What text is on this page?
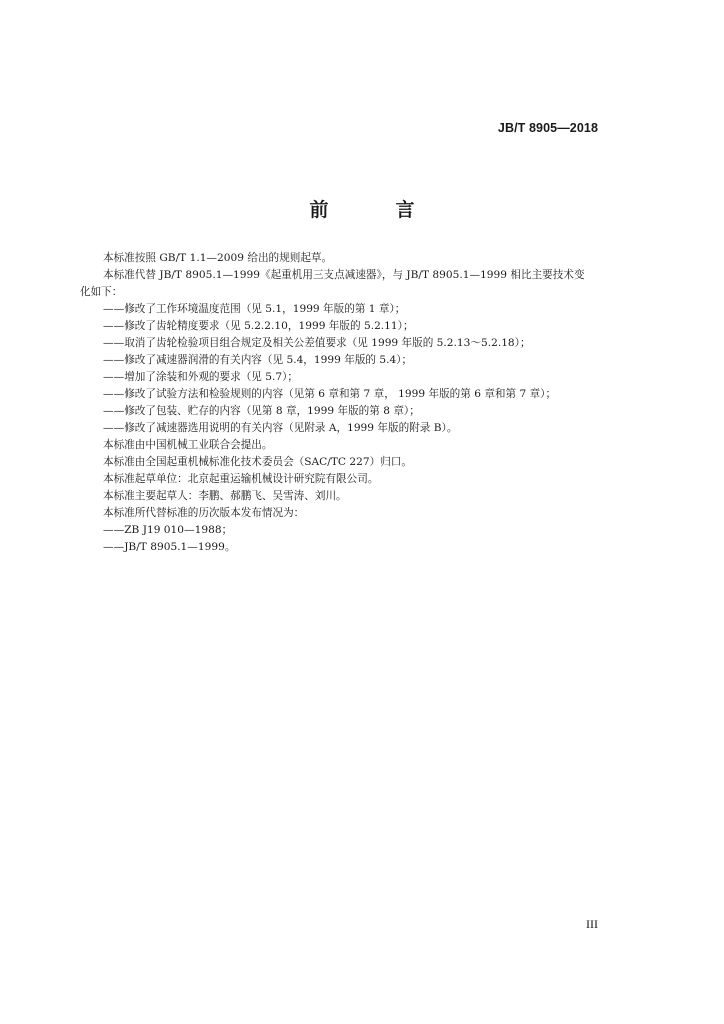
JB/T 8905—2018
前　言

本标准按照 GB/T 1.1—2009 给出的规则起草。

本标准代替 JB/T 8905.1—1999《起重机用三支点减速器》，与 JB/T 8905.1—1999 相比主要技术变

化如下：

——修改了工作环境温度范围（见 5.1，1999 年版的第 1 章）；

——修改了齿轮精度要求（见 5.2.2.10，1999 年版的 5.2.11）；

——取消了齿轮检验项目组合规定及相关公差值要求（见 1999 年版的 5.2.13～5.2.18）；

——修改了减速器润滑的有关内容（见 5.4，1999 年版的 5.4）；

——增加了涂装和外观的要求（见 5.7）；

——修改了试验方法和检验规则的内容（见第 6 章和第 7 章， 1999 年版的第 6 章和第 7 章）；

——修改了包装、贮存的内容（见第 8 章，1999 年版的第 8 章）；

——修改了减速器选用说明的有关内容（见附录 A，1999 年版的附录 B）。

本标准由中国机械工业联合会提出。

本标准由全国起重机械标准化技术委员会（SAC/TC 227）归口。

本标准起草单位：北京起重运输机械设计研究院有限公司。

本标准主要起草人：李鹏、郝鹏飞、吴雪涛、刘川。

本标准所代替标准的历次版本发布情况为：

——ZB J19 010—1988；

——JB/T 8905.1—1999。

III
